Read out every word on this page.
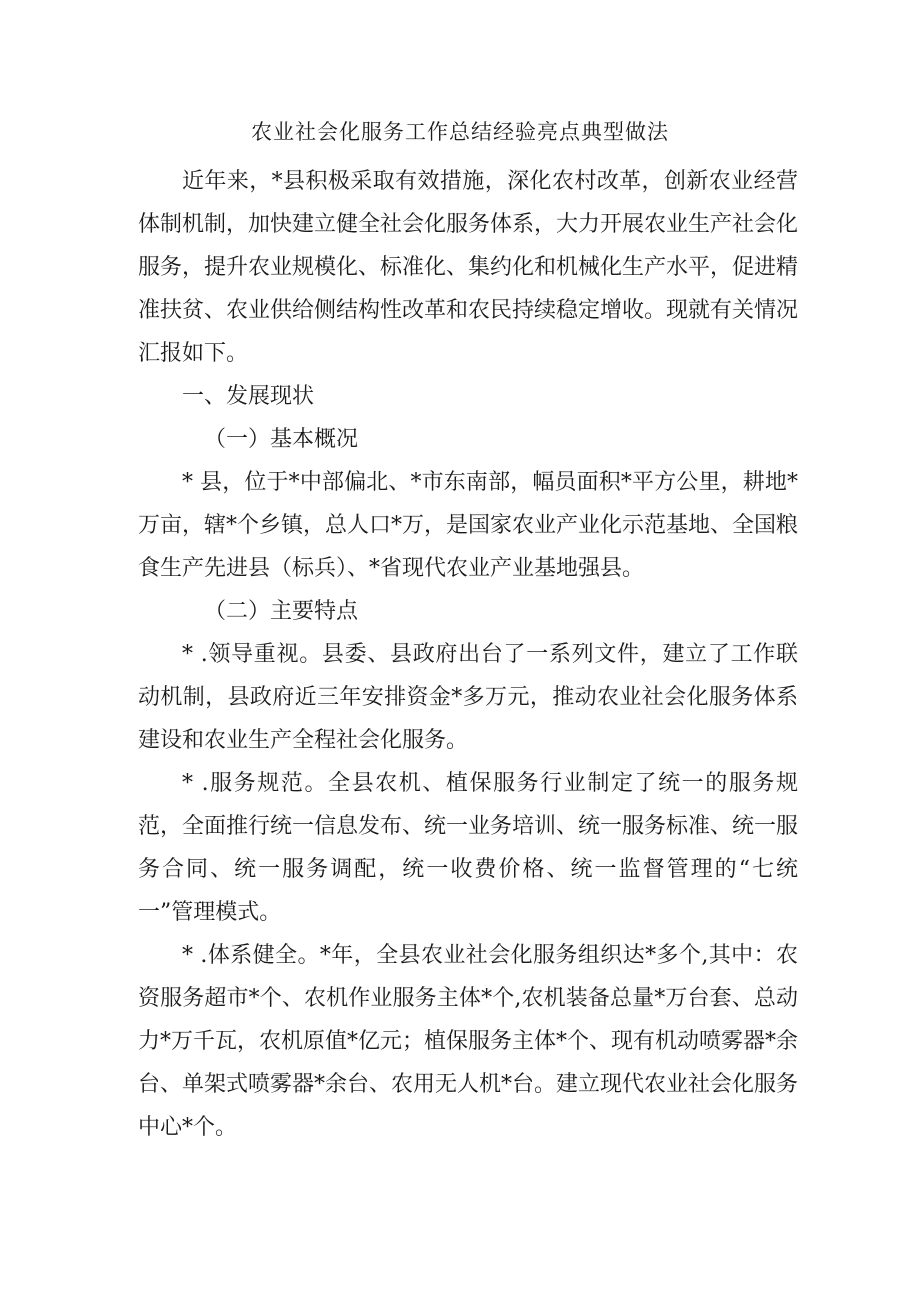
农业社会化服务工作总结经验亮点典型做法
近年来，*县积极采取有效措施，深化农村改革，创新农业经营体制机制，加快建立健全社会化服务体系，大力开展农业生产社会化服务，提升农业规模化、标准化、集约化和机械化生产水平，促进精准扶贫、农业供给侧结构性改革和农民持续稳定增收。现就有关情况汇报如下。
一、发展现状
（一）基本概况
* 县，位于*中部偏北、*市东南部，幅员面积*平方公里，耕地*万亩，辖*个乡镇，总人口*万，是国家农业产业化示范基地、全国粮食生产先进县（标兵）、*省现代农业产业基地强县。
（二）主要特点
* .领导重视。县委、县政府出台了一系列文件，建立了工作联动机制，县政府近三年安排资金*多万元，推动农业社会化服务体系建设和农业生产全程社会化服务。
* .服务规范。全县农机、植保服务行业制定了统一的服务规范，全面推行统一信息发布、统一业务培训、统一服务标准、统一服务合同、统一服务调配，统一收费价格、统一监督管理的“七统一”管理模式。
* .体系健全。*年，全县农业社会化服务组织达*多个,其中：农资服务超市*个、农机作业服务主体*个,农机装备总量*万台套、总动力*万千瓦，农机原值*亿元；植保服务主体*个、现有机动喷雾器*余台、单架式喷雾器*余台、农用无人机*台。建立现代农业社会化服务中心*个。
